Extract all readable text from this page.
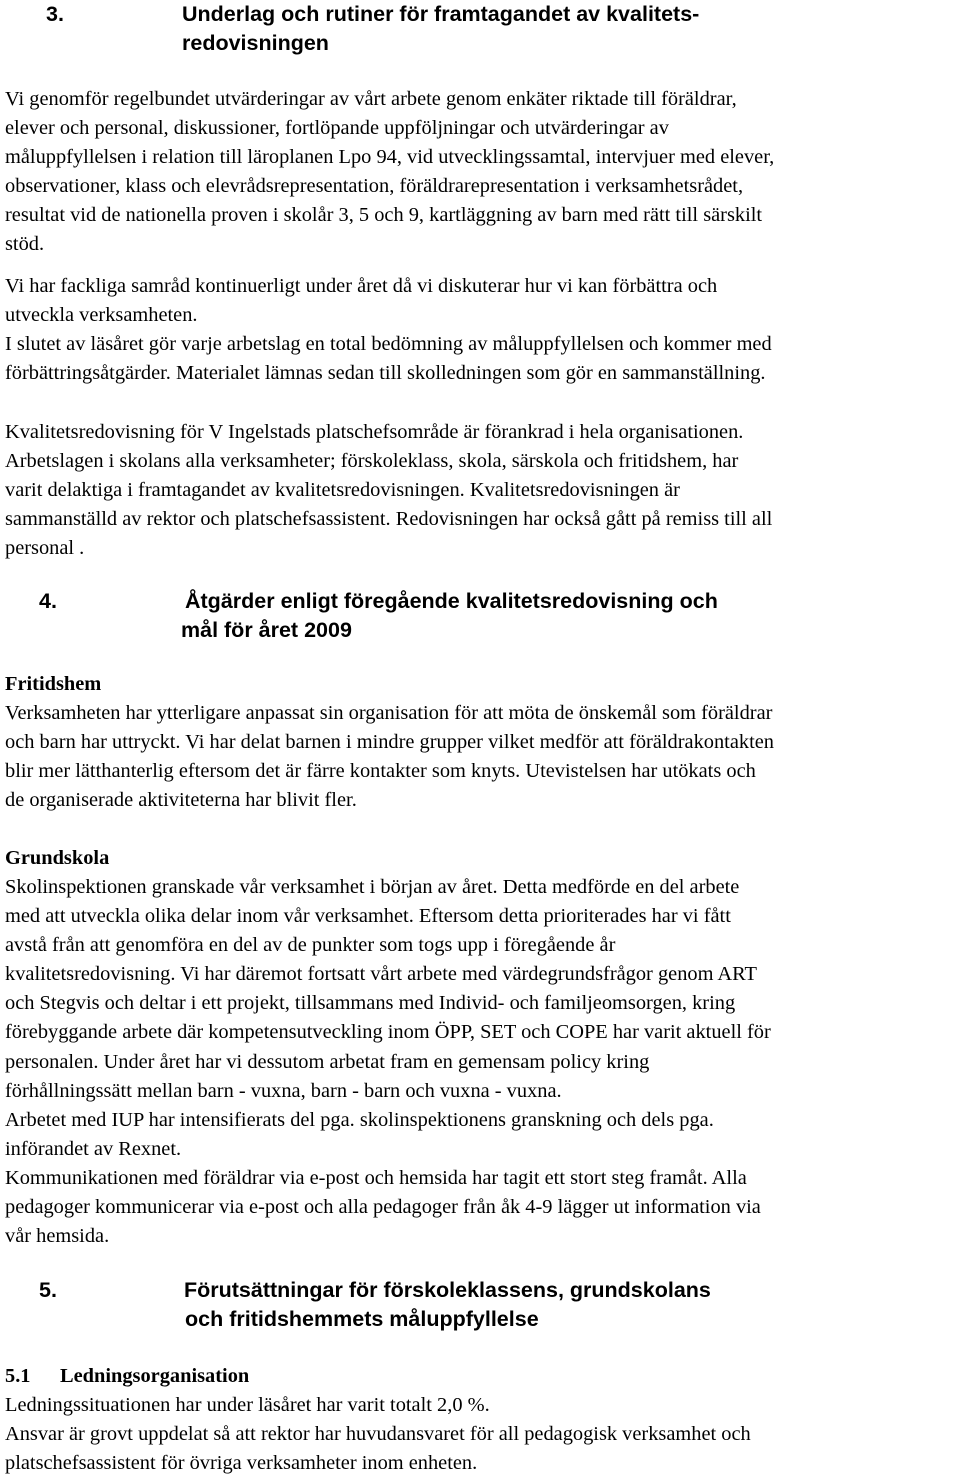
3.	Underlag och rutiner för framtagandet av kvalitets-
redovisningen
Vi genomför regelbundet utvärderingar av vårt arbete genom enkäter riktade till föräldrar,
elever och personal, diskussioner, fortlöpande uppföljningar och utvärderingar av
måluppfyllelsen i relation till läroplanen Lpo 94, vid utvecklingssamtal, intervjuer med elever,
observationer, klass och elevrådsrepresentation, föräldrarepresentation i verksamhetsrådet,
resultat vid de nationella proven i skolår 3, 5 och 9, kartläggning av barn med rätt till särskilt
stöd.
Vi har fackliga samråd kontinuerligt under året då vi diskuterar hur vi kan förbättra och
utveckla verksamheten.
I slutet av läsåret gör varje arbetslag en total bedömning av måluppfyllelsen och kommer med
förbättringsåtgärder. Materialet lämnas sedan till skolledningen som gör en sammanställning.
Kvalitetsredovisning för V Ingelstads platschefsområde är förankrad i hela organisationen.
Arbetslagen i skolans alla verksamheter; förskoleklass, skola, särskola och fritidshem, har
varit delaktiga i framtagandet av kvalitetsredovisningen. Kvalitetsredovisningen är
sammanställd av rektor och platschefsassistent. Redovisningen har också gått på remiss till all
personal .
4.	Åtgärder enligt föregående kvalitetsredovisning och
mål för året 2009
Fritidshem
Verksamheten har ytterligare anpassat sin organisation för att möta de önskemål som föräldrar
och barn har uttryckt. Vi har delat barnen i mindre grupper vilket medför att föräldrakontakten
blir mer lätthanterlig eftersom det är färre kontakter som knyts. Utevistelsen har utökats och
de organiserade aktiviteterna har blivit fler.
Grundskola
Skolinspektionen granskade vår verksamhet i början av året. Detta medförde en del arbete
med att utveckla olika delar inom vår verksamhet. Eftersom detta prioriterades har vi fått
avstå från att genomföra en del av de punkter som togs upp i föregående år
kvalitetsredovisning. Vi har däremot fortsatt vårt arbete med värdegrundsfrågor genom ART
och Stegvis och deltar i ett projekt, tillsammans med Individ- och familjeomsorgen, kring
förebyggande arbete där kompetensutveckling inom ÖPP, SET och COPE har varit aktuell för
personalen. Under året har vi dessutom arbetat fram en gemensam policy kring
förhållningssätt mellan barn - vuxna, barn - barn och vuxna - vuxna.
Arbetet med IUP har intensifierats del pga. skolinspektionens granskning och dels pga.
införandet av Rexnet.
Kommunikationen med föräldrar via e-post och hemsida har tagit ett stort steg framåt. Alla
pedagoger kommunicerar via e-post och alla pedagoger från åk 4-9 lägger ut information via
vår hemsida.
5.	Förutsättningar för förskoleklassens, grundskolans
och fritidshemmets måluppfyllelse
5.1 Ledningsorganisation
Ledningssituationen har under läsåret har varit totalt 2,0 %.
Ansvar är grovt uppdelat så att rektor har huvudansvaret för all pedagogisk verksamhet och
platschefsassistent för övriga verksamheter inom enheten.
